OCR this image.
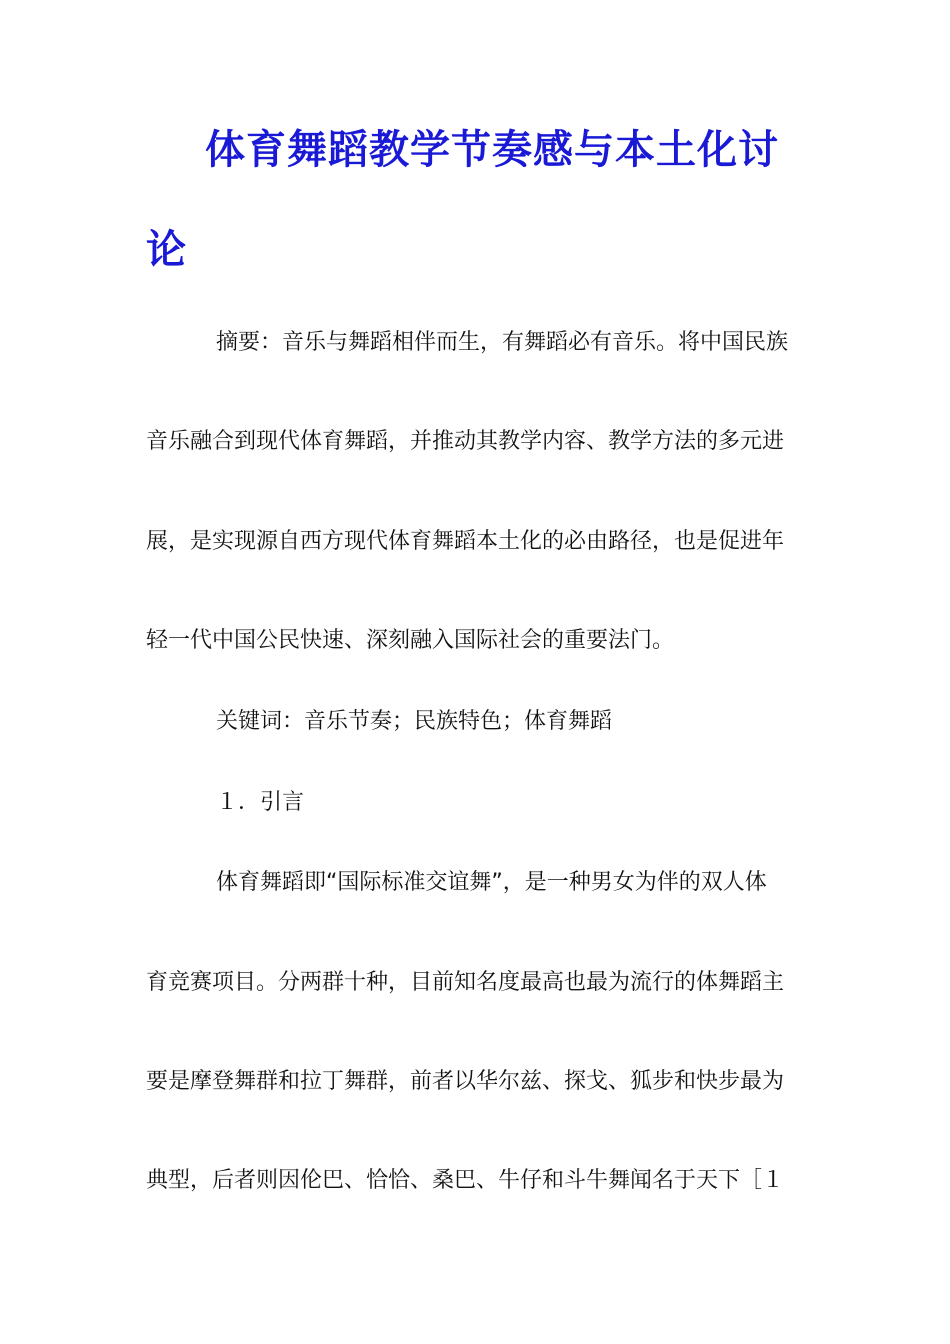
体育舞蹈教学节奏感与本土化讨
论
摘要：音乐与舞蹈相伴而生，有舞蹈必有音乐。将中国民族
音乐融合到现代体育舞蹈，并推动其教学内容、教学方法的多元进
展，是实现源自西方现代体育舞蹈本土化的必由路径，也是促进年
轻一代中国公民快速、深刻融入国际社会的重要法门。
关键词：音乐节奏；民族特色；体育舞蹈
１．引言
体育舞蹈即“国际标准交谊舞”，是一种男女为伴的双人体
育竞赛项目。分两群十种，目前知名度最高也最为流行的体舞蹈主
要是摩登舞群和拉丁舞群，前者以华尔兹、探戈、狐步和快步最为
典型，后者则因伦巴、恰恰、桑巴、牛仔和斗牛舞闻名于天下［１
